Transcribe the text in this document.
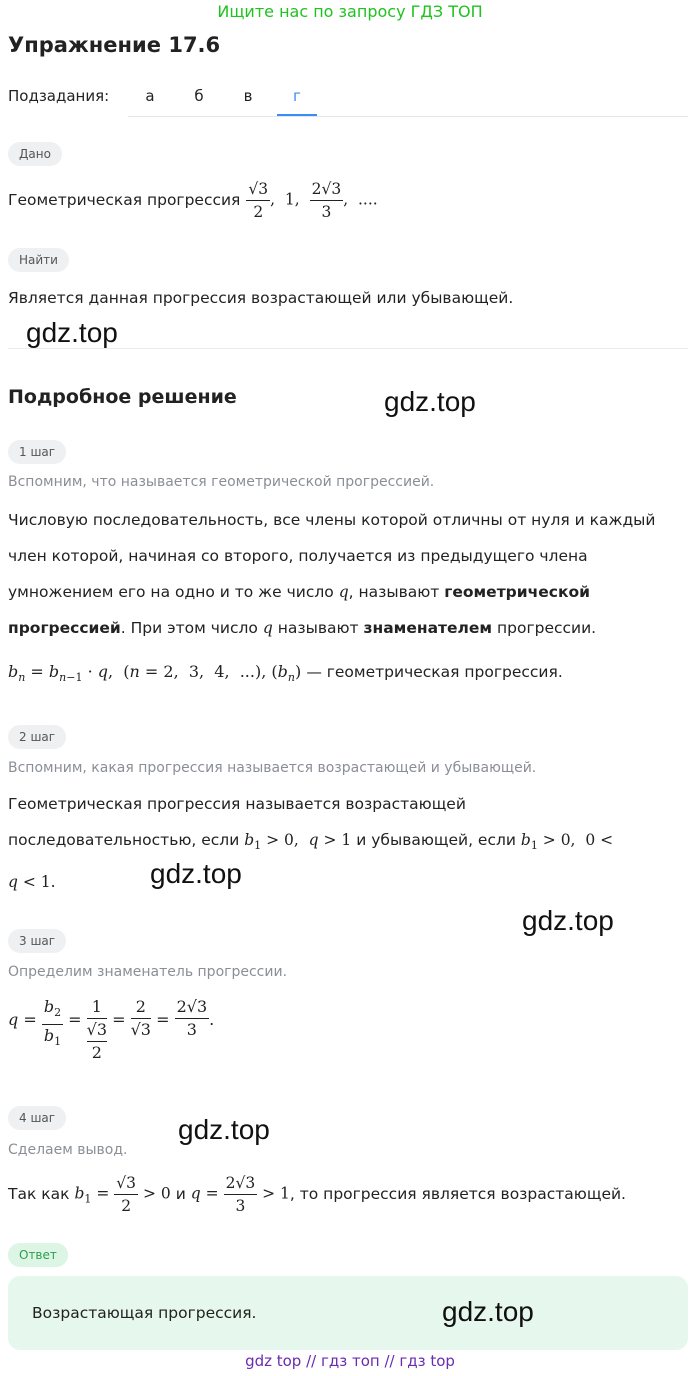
Ищите нас по запросу ГДЗ ТОП
Упражнение 17.6
Подзадания:	а	б	в	г
Дано
Геометрическая прогрессия $\frac{√3}{2}$ ,  1, $\frac{2√3}{3}$ ,  ....
Найти
Является данная прогрессия возрастающей или убывающей.
gdz.top
Подробное решение	gdz.top
1 шаг
Вспомним, что называется геометрической прогрессией.
Числовую последовательность, все члены которой отличны от нуля и каждый
член которой, начиная со второго, получается из предыдущего члена
умножением его на одно и то же число q, называют геометрической
прогрессией. При этом число q называют знаменателем прогрессии.
$b_n = b_{n-1} \cdot q$,  (n = 2,  3,  4,  ...), $(b_n)$ — геометрическая прогрессия.
2 шаг
Вспомним, какая прогрессия называется возрастающей и убывающей.
Геометрическая прогрессия называется возрастающей
последовательностью, если $b_1 > 0$,  q > 1 и убывающей, если $b_1 > 0$,  0 <
q < 1.	gdz.top
gdz.top
3 шаг
Определим знаменатель прогрессии.
$q = \frac{b_2}{b_1}$ =
1
√3
2
= $\frac{2}{√3} = \frac{2√3}{3}$ .
4 шаг	gdz.top
Сделаем вывод.
Так как $b_1 = \frac{√3}{2} > 0$ и $q = \frac{2√3}{3} > 1$ , то прогрессия является возрастающей.
Ответ
Возрастающая прогрессия.	gdz.top
gdz top // гдз топ // гдз top
